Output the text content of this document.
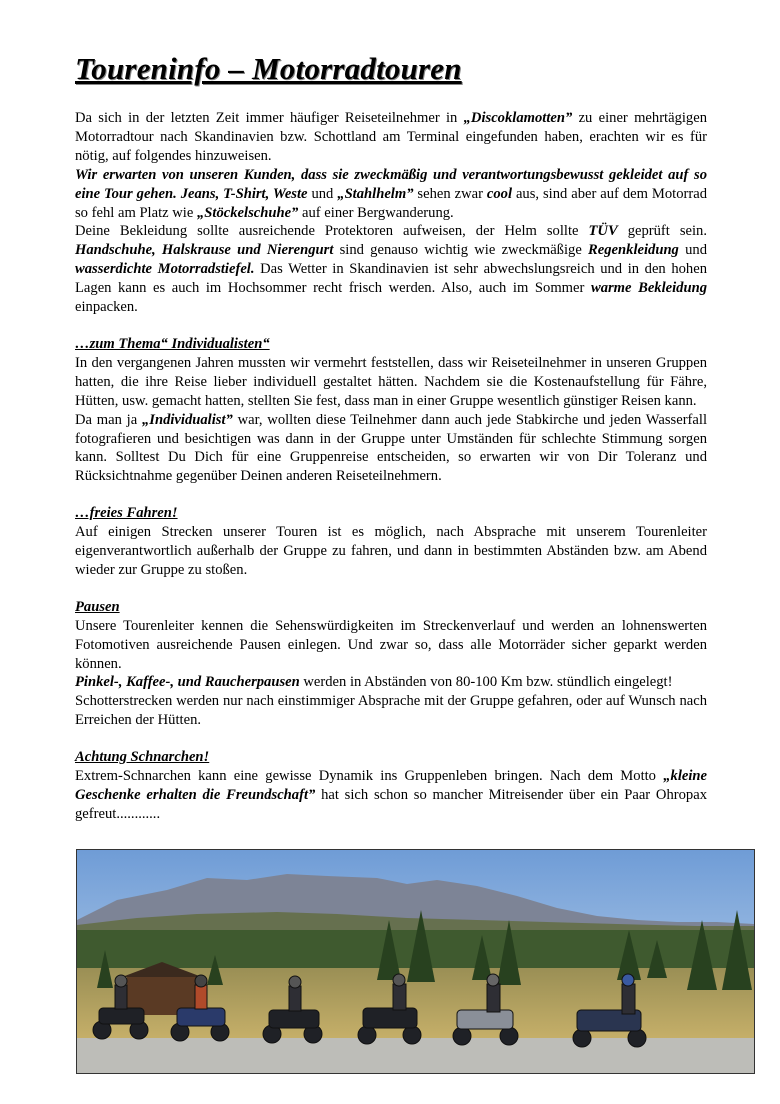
Toureninfo – Motorradtouren

Da sich in der letzten Zeit immer häufiger Reiseteilnehmer in „Discoklamotten” zu einer mehrtägigen Motorradtour nach Skandinavien bzw. Schottland am Terminal eingefunden haben, erachten wir es für nötig, auf folgendes hinzuweisen.

Wir erwarten von unseren Kunden, dass sie zweckmäßig und verantwortungsbewusst gekleidet auf so eine Tour gehen. Jeans, T-Shirt, Weste und „Stahlhelm” sehen zwar cool aus, sind aber auf dem Motorrad so fehl am Platz wie „Stöckelschuhe” auf einer Bergwanderung.

Deine Bekleidung sollte ausreichende Protektoren aufweisen, der Helm sollte TÜV geprüft sein. Handschuhe, Halskrause und Nierengurt sind genauso wichtig wie zweckmäßige Regenkleidung und wasserdichte Motorradstiefel. Das Wetter in Skandinavien ist sehr abwechslungsreich und in den hohen Lagen kann es auch im Hochsommer recht frisch werden. Also, auch im Sommer warme Bekleidung einpacken.

…zum Thema“ Individualisten“

In den vergangenen Jahren mussten wir vermehrt feststellen, dass wir Reiseteilnehmer in unseren Gruppen hatten, die ihre Reise lieber individuell gestaltet hätten. Nachdem sie die Kostenaufstellung für Fähre, Hütten, usw. gemacht hatten, stellten Sie fest, dass man in einer Gruppe wesentlich günstiger Reisen kann.

Da man ja „Individualist” war, wollten diese Teilnehmer dann auch jede Stabkirche und jeden Wasserfall fotografieren und besichtigen was dann in der Gruppe unter Umständen für schlechte Stimmung sorgen kann. Solltest Du Dich für eine Gruppenreise entscheiden, so erwarten wir von Dir Toleranz und Rücksichtnahme gegenüber Deinen anderen Reiseteilnehmern.

…freies Fahren!

Auf einigen Strecken unserer Touren ist es möglich, nach Absprache mit unserem Tourenleiter eigenverantwortlich außerhalb der Gruppe zu fahren, und dann in bestimmten Abständen bzw. am Abend wieder zur Gruppe zu stoßen.

Pausen

Unsere Tourenleiter kennen die Sehenswürdigkeiten im Streckenverlauf und werden an lohnenswerten Fotomotiven ausreichende Pausen einlegen. Und zwar so, dass alle Motorräder sicher geparkt werden können.

Pinkel-, Kaffee-, und Raucherpausen werden in Abständen von 80-100 Km bzw. stündlich eingelegt!

Schotterstrecken werden nur nach einstimmiger Absprache mit der Gruppe gefahren, oder auf Wunsch nach Erreichen der Hütten.

Achtung Schnarchen!

Extrem-Schnarchen kann eine gewisse Dynamik ins Gruppenleben bringen. Nach dem Motto „kleine Geschenke erhalten die Freundschaft” hat sich schon so mancher Mitreisender über ein Paar Ohropax gefreut............
